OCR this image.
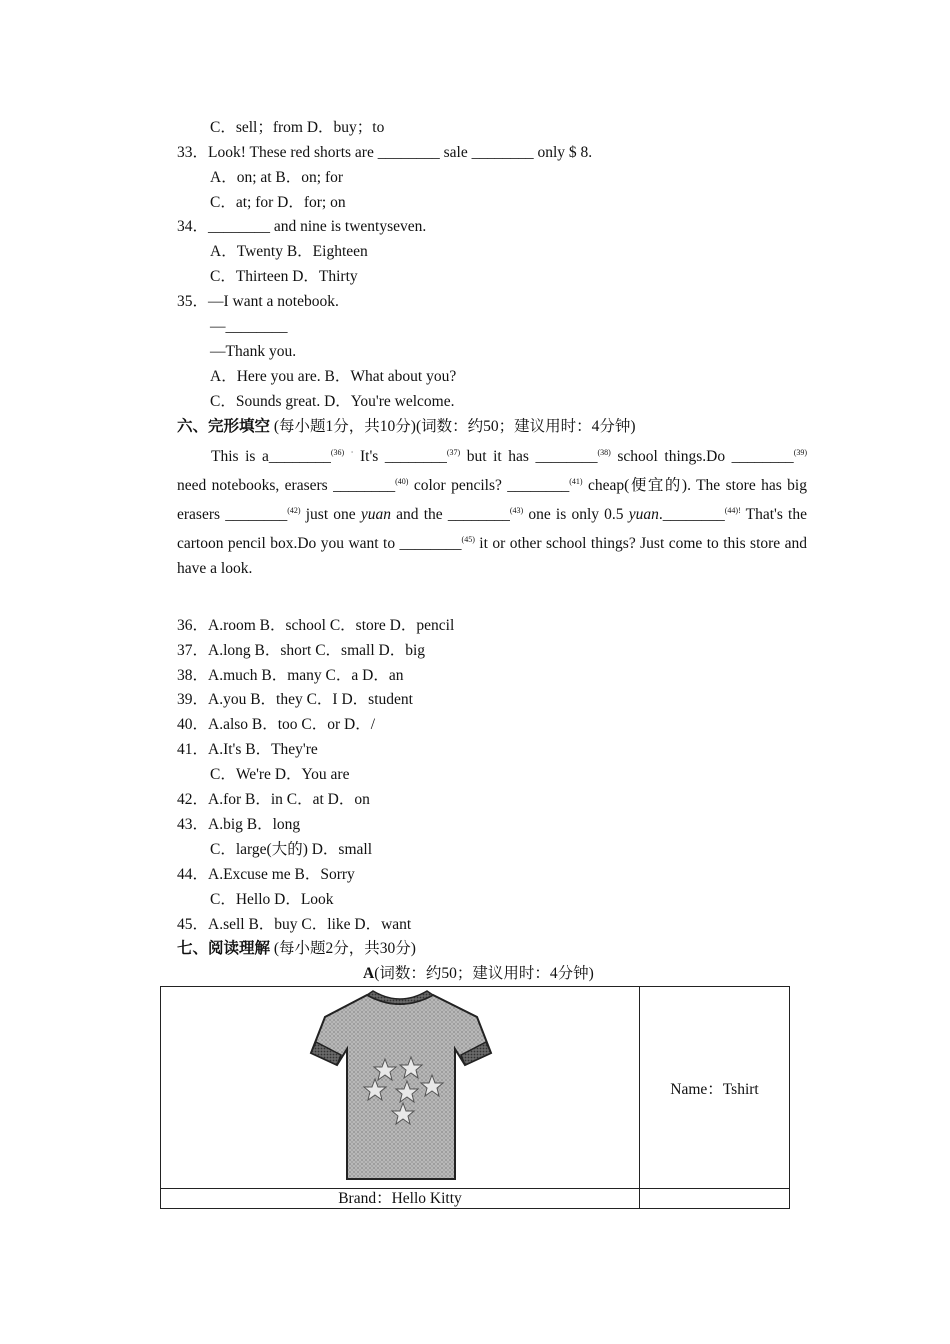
C．sell；from D．buy；to
33．Look! These red shorts are ________ sale ________ only $ 8.
A．on; at B．on; for
C．at; for D．for; on
34．________ and nine is twentyseven.
A．Twenty B．Eighteen
C．Thirteen D．Thirty
35．—I want a notebook.
—________
—Thank you.
A．Here you are. B．What about you?
C．Sounds great. D．You're welcome.
六、完形填空 (每小题1分，共10分)(词数：约50；建议用时：4分钟)

This is a________$^{(36)}$ · It's ________$^{(37)}$ but it has ________$^{(38)}$ school things.Do ________$^{(39)}$ need notebooks, erasers ________$^{(40)}$ color pencils? ________$^{(41)}$ cheap(便宜的). The store has big erasers ________$^{(42)}$ just one yuan and the ________$^{(43)}$ one is only 0.5 yuan.________$^{(44)!}$ That's the cartoon pencil box.Do you want to ________$^{(45)}$ it or other school things? Just come to this store and have a look.

36．A.room B．school C．store D．pencil
37．A.long B．short C．small D．big
38．A.much B．many C．a D．an
39．A.you B．they C．I D．student
40．A.also B．too C．or D．/
41．A.It's B．They're
C．We're D．You are
42．A.for B．in C．at D．on
43．A.big B．long
C．large(大的) D．small
44．A.Excuse me B．Sorry
C．Hello D．Look
45．A.sell B．buy C．like D．want
七、阅读理解 (每小题2分，共30分)
A(词数：约50；建议用时：4分钟)
	Name：Tshirt
Brand：Hello Kitty	
